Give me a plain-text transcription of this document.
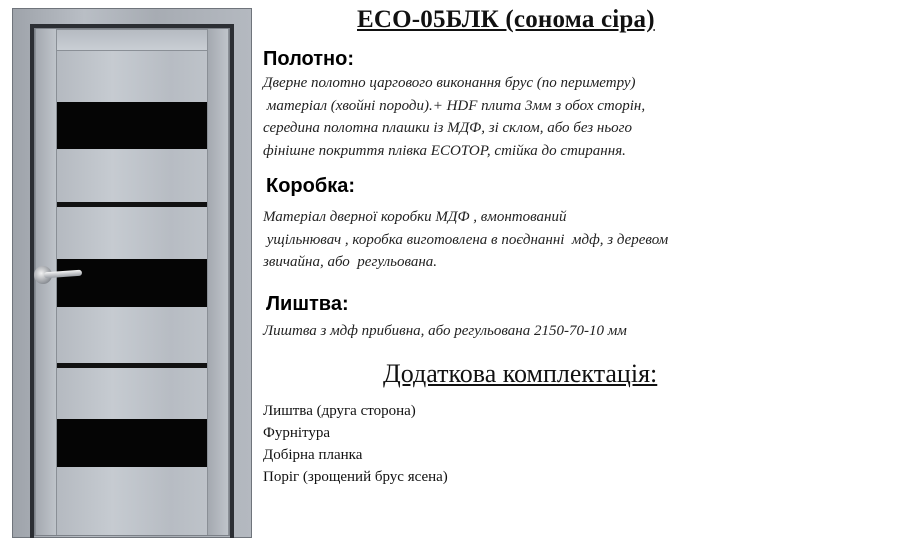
ECO-05БЛК (сонома сіра)
Полотно:
Дверне полотно царгового виконання брус (по периметру)
матеріал (хвойні породи).+ HDF плита 3мм з обох сторін,
середина полотна плашки із МДФ, зі склом, або без нього
фінішне покриття плівка ECOTOP, стійка до стирання.
Коробка:
Матеріал дверної коробки МДФ , вмонтований
ущільнювач , коробка виготовлена в поєднанні  мдф, з деревом
звичайна, або  регульована.
Лиштва:
Лиштва з мдф прибивна, або регульована 2150-70-10 мм
Додаткова комплектація:
Лиштва (друга сторона)
Фурнітура
Добірна планка
Поріг (зрощений брус ясена)
